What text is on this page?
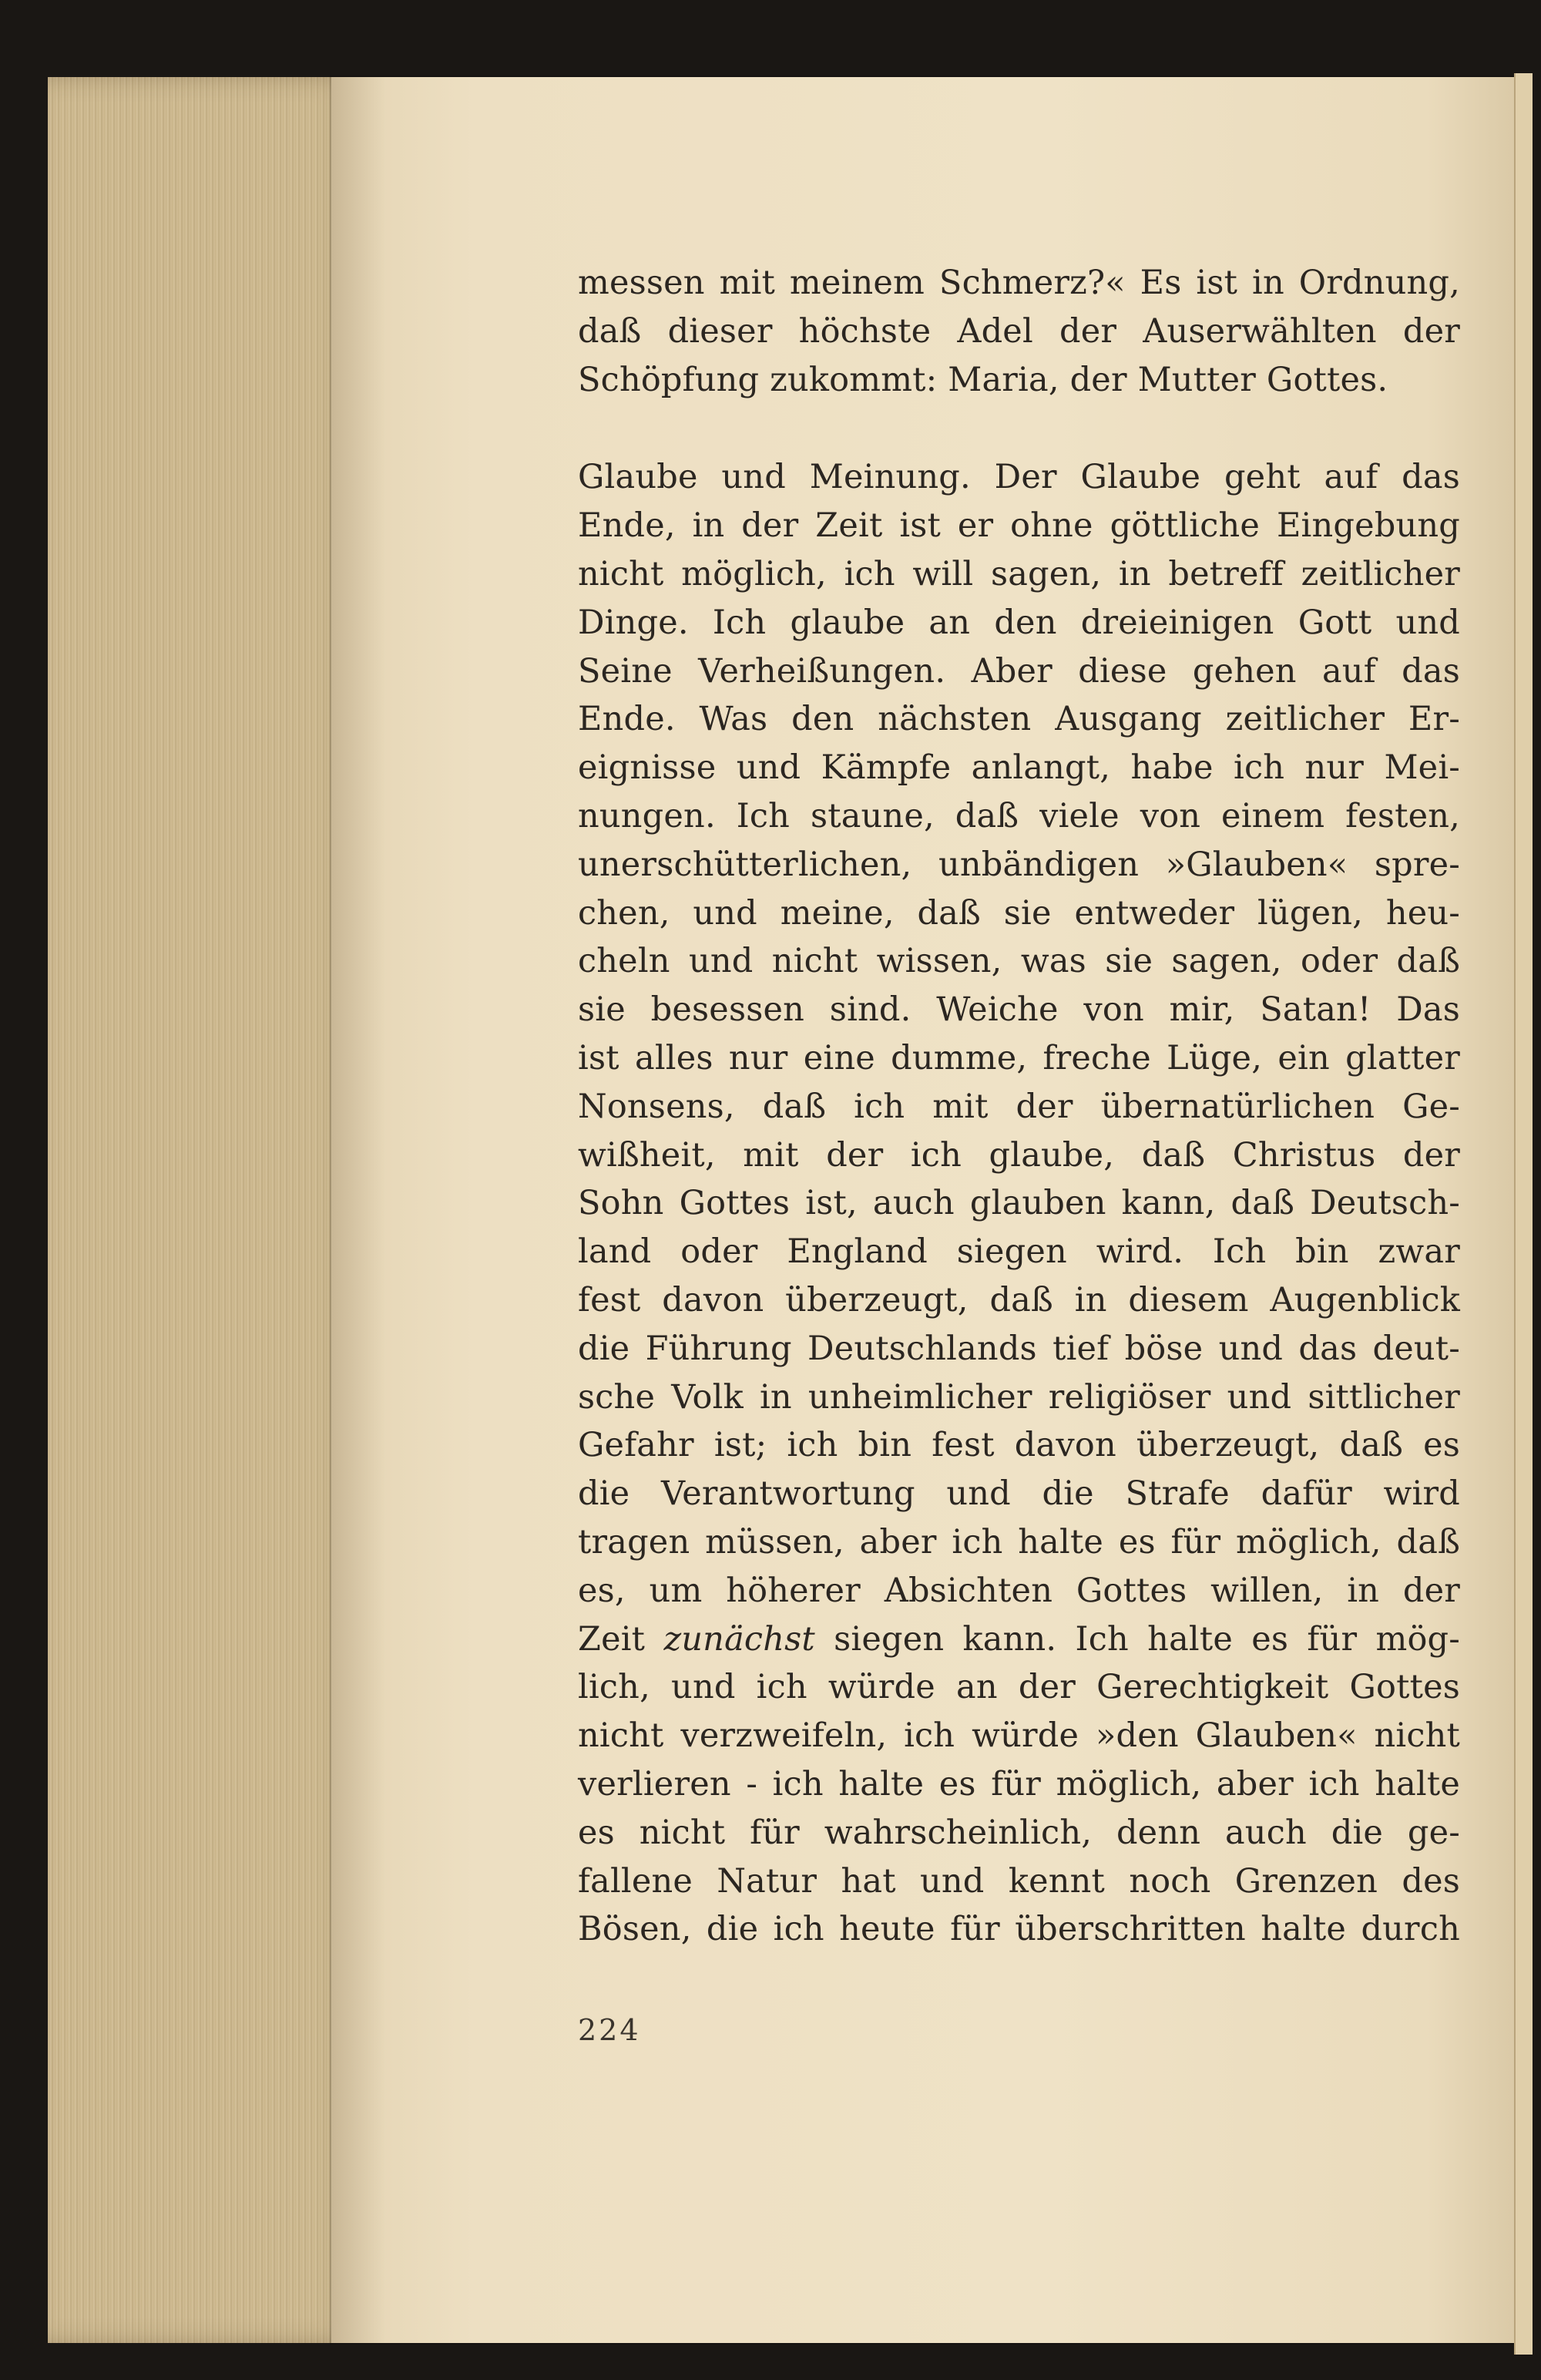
messen mit meinem Schmerz?« Es ist in Ordnung,
daß dieser höchste Adel der Auserwählten der
Schöpfung zukommt: Maria, der Mutter Gottes.
Glaube und Meinung. Der Glaube geht auf das
Ende, in der Zeit ist er ohne göttliche Eingebung
nicht möglich, ich will sagen, in betreff zeitlicher
Dinge. Ich glaube an den dreieinigen Gott und
Seine Verheißungen. Aber diese gehen auf das
Ende. Was den nächsten Ausgang zeitlicher Er-
eignisse und Kämpfe anlangt, habe ich nur Mei-
nungen. Ich staune, daß viele von einem festen,
unerschütterlichen, unbändigen »Glauben« spre-
chen, und meine, daß sie entweder lügen, heu-
cheln und nicht wissen, was sie sagen, oder daß
sie besessen sind. Weiche von mir, Satan! Das
ist alles nur eine dumme, freche Lüge, ein glatter
Nonsens, daß ich mit der übernatürlichen Ge-
wißheit, mit der ich glaube, daß Christus der
Sohn Gottes ist, auch glauben kann, daß Deutsch-
land oder England siegen wird. Ich bin zwar
fest davon überzeugt, daß in diesem Augenblick
die Führung Deutschlands tief böse und das deut-
sche Volk in unheimlicher religiöser und sittlicher
Gefahr ist; ich bin fest davon überzeugt, daß es
die Verantwortung und die Strafe dafür wird
tragen müssen, aber ich halte es für möglich, daß
es, um höherer Absichten Gottes willen, in der
Zeit zunächst siegen kann. Ich halte es für mög-
lich, und ich würde an der Gerechtigkeit Gottes
nicht verzweifeln, ich würde »den Glauben« nicht
verlieren - ich halte es für möglich, aber ich halte
es nicht für wahrscheinlich, denn auch die ge-
fallene Natur hat und kennt noch Grenzen des
Bösen, die ich heute für überschritten halte durch
224
